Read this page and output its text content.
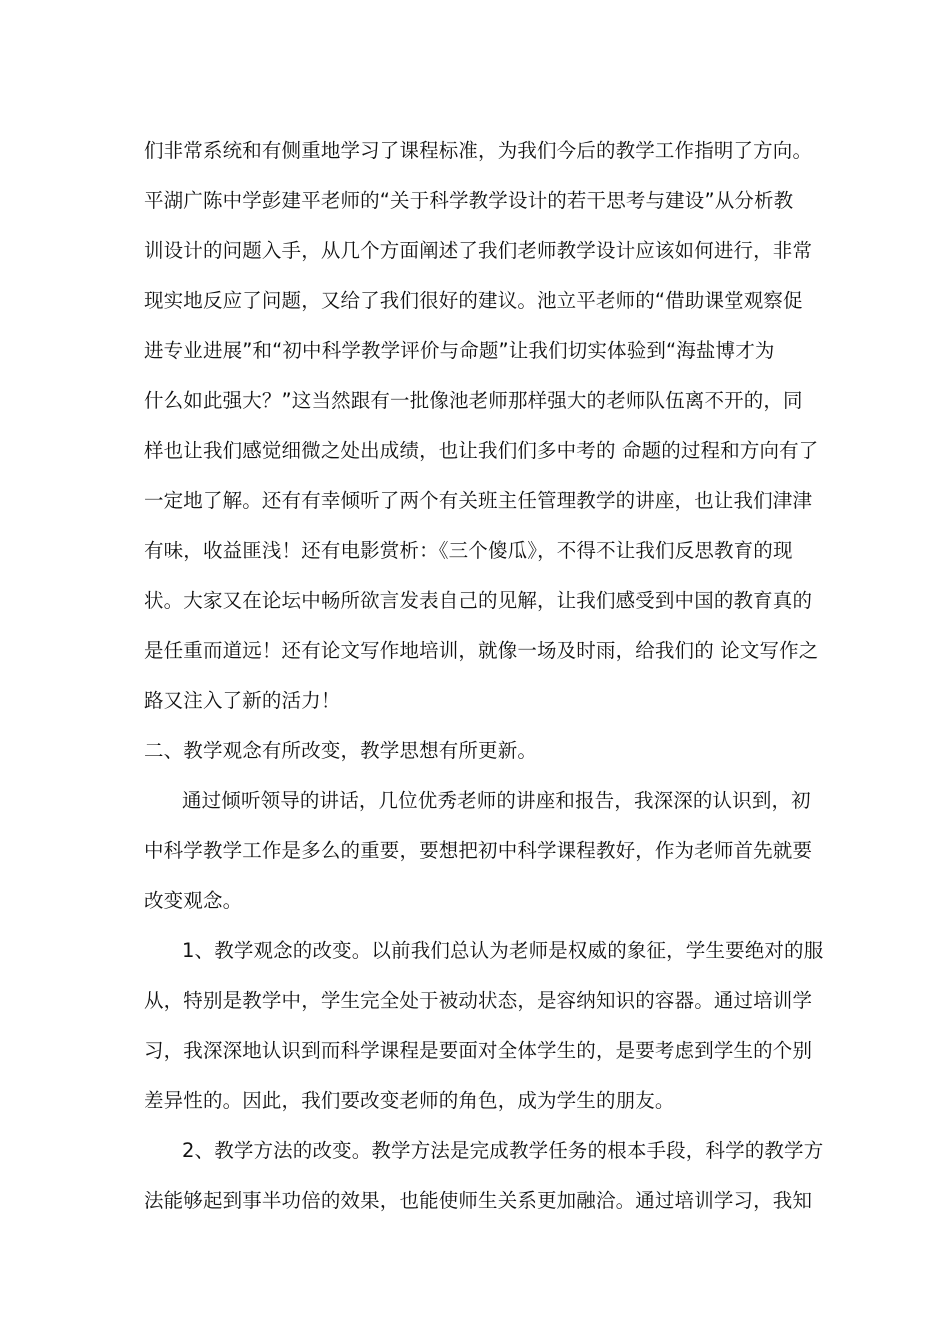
们非常系统和有侧重地学习了课程标准，为我们今后的教学工作指明了方向。
平湖广陈中学彭建平老师的“关于科学教学设计的若干思考与建设”从分析教
训设计的问题入手，从几个方面阐述了我们老师教学设计应该如何进行，非常
现实地反应了问题，又给了我们很好的建议。池立平老师的“借助课堂观察促
进专业进展”和“初中科学教学评价与命题”让我们切实体验到“海盐博才为
什么如此强大？”这当然跟有一批像池老师那样强大的老师队伍离不开的，同
样也让我们感觉细微之处出成绩，也让我们们多中考的 命题的过程和方向有了
一定地了解。还有有幸倾听了两个有关班主任管理教学的讲座，也让我们津津
有味，收益匪浅！还有电影赏析：《三个傻瓜》，不得不让我们反思教育的现
状。大家又在论坛中畅所欲言发表自己的见解，让我们感受到中国的教育真的
是任重而道远！还有论文写作地培训，就像一场及时雨，给我们的 论文写作之
路又注入了新的活力！
二、教学观念有所改变，教学思想有所更新。
通过倾听领导的讲话，几位优秀老师的讲座和报告，我深深的认识到，初
中科学教学工作是多么的重要，要想把初中科学课程教好，作为老师首先就要
改变观念。
1、教学观念的改变。以前我们总认为老师是权威的象征，学生要绝对的服
从，特别是教学中，学生完全处于被动状态，是容纳知识的容器。通过培训学
习，我深深地认识到而科学课程是要面对全体学生的，是要考虑到学生的个别
差异性的。因此，我们要改变老师的角色，成为学生的朋友。
2、教学方法的改变。教学方法是完成教学任务的根本手段，科学的教学方
法能够起到事半功倍的效果，也能使师生关系更加融洽。通过培训学习，我知
